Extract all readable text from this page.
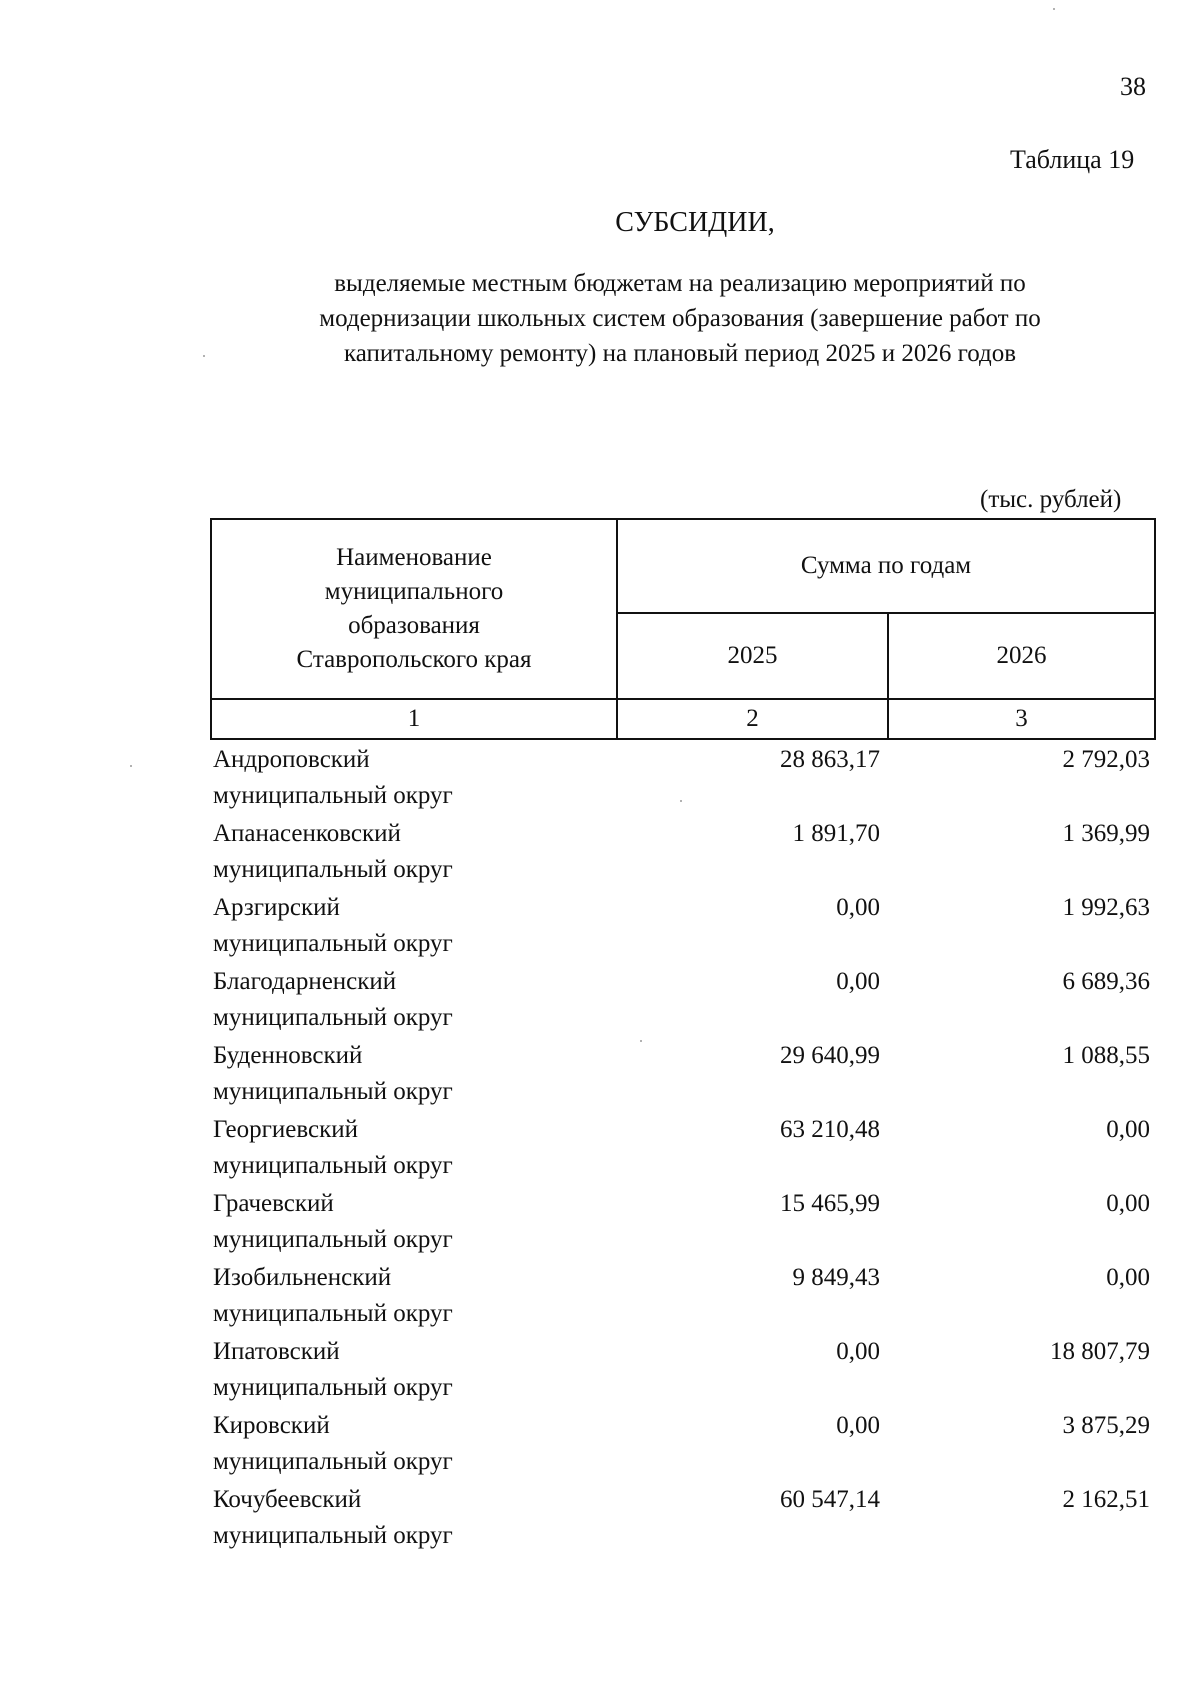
38
Таблица 19
СУБСИДИИ,
выделяемые местным бюджетам на реализацию мероприятий по
модернизации школьных систем образования (завершение работ по
капитальному ремонту) на плановый период 2025 и 2026 годов
(тыс. рублей)
Наименование
муниципального
образования
Ставропольского края	Сумма по годам	
	2025	2026
1	2	3
Андроповский
муниципальный округ
28 863,17	2 792,03
Апанасенковский
муниципальный округ
1 891,70	1 369,99
Арзгирский
муниципальный округ
0,00	1 992,63
Благодарненский
муниципальный округ
0,00	6 689,36
Буденновский
муниципальный округ
29 640,99	1 088,55
Георгиевский
муниципальный округ
63 210,48	0,00
Грачевский
муниципальный округ
15 465,99	0,00
Изобильненский
муниципальный округ
9 849,43	0,00
Ипатовский
муниципальный округ
0,00	18 807,79
Кировский
муниципальный округ
0,00	3 875,29
Кочубеевский
муниципальный округ
60 547,14	2 162,51
